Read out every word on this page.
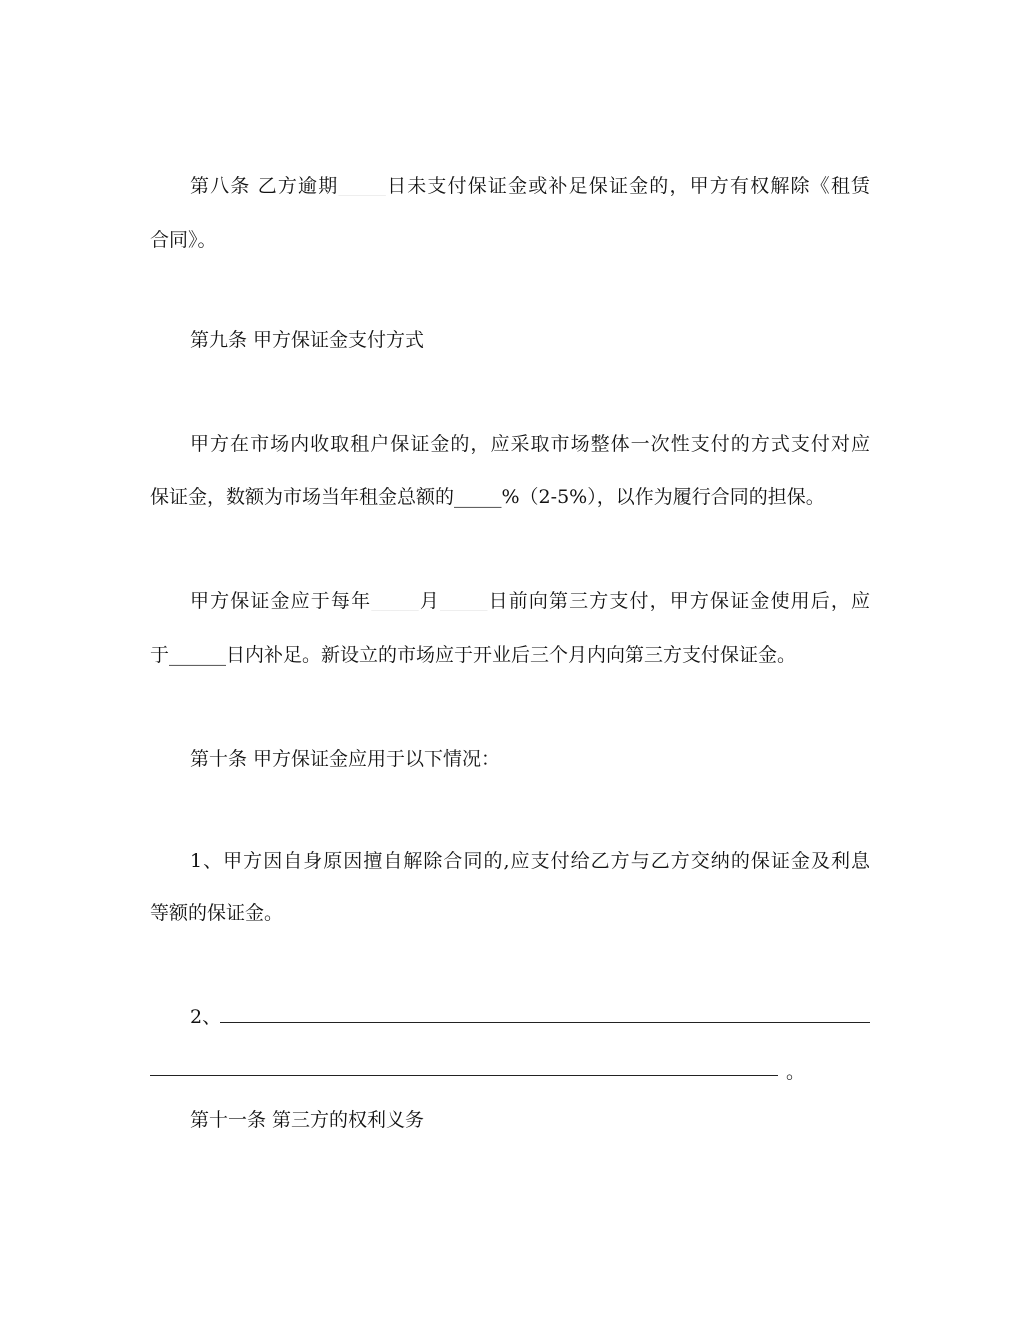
第八条 乙方逾期_____日未支付保证金或补足保证金的，甲方有权解除《租赁
合同》。
第九条 甲方保证金支付方式
甲方在市场内收取租户保证金的，应采取市场整体一次性支付的方式支付对应
保证金，数额为市场当年租金总额的_____%（2-5%），以作为履行合同的担保。
甲方保证金应于每年_____月_____日前向第三方支付，甲方保证金使用后，应
于______日内补足。新设立的市场应于开业后三个月内向第三方支付保证金。
第十条 甲方保证金应用于以下情况：
1、甲方因自身原因擅自解除合同的,应支付给乙方与乙方交纳的保证金及利息
等额的保证金。
2、
。
第十一条 第三方的权利义务
